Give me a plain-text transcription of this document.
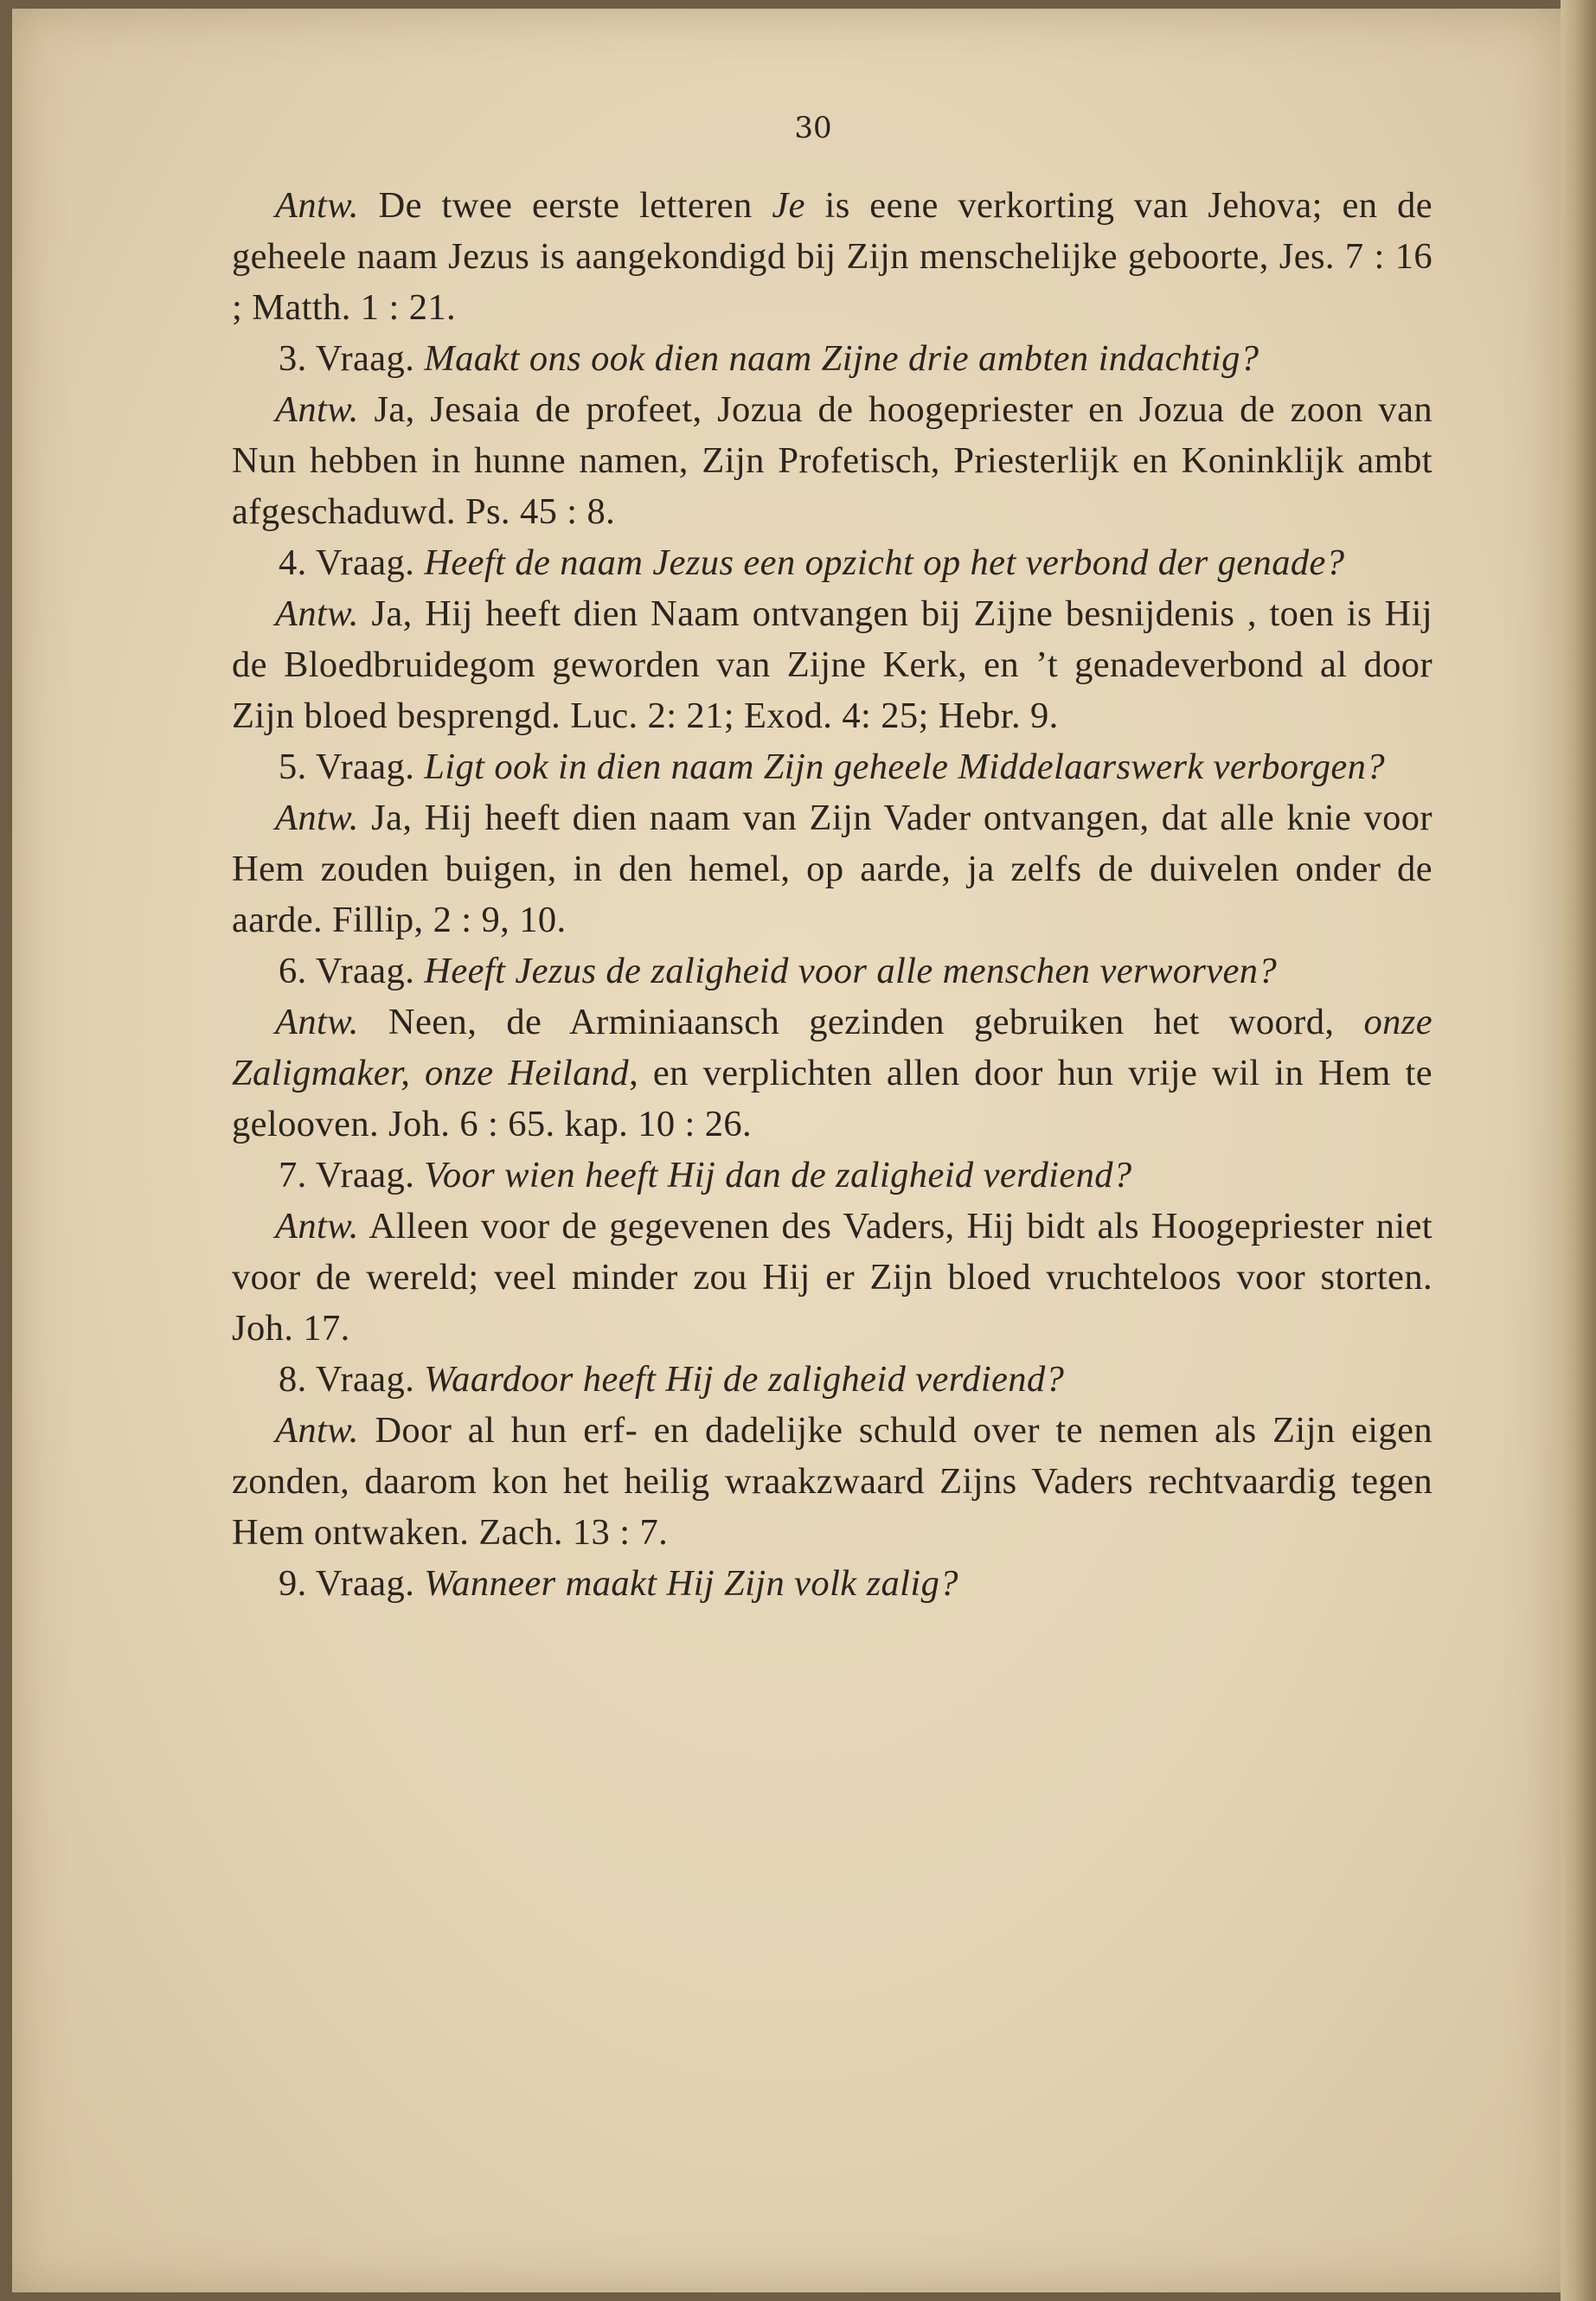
30

Antw. De twee eerste letteren Je is eene verkorting van Jehova; en de geheele naam Jezus is aangekondigd bij Zijn menschelijke geboorte, Jes. 7 : 16 ; Matth. 1 : 21.

3. Vraag. Maakt ons ook dien naam Zijne drie ambten indachtig?

Antw. Ja, Jesaia de profeet, Jozua de hoogepriester en Jozua de zoon van Nun hebben in hunne namen, Zijn Profetisch, Priesterlijk en Koninklijk ambt afgeschaduwd. Ps. 45 : 8.

4. Vraag. Heeft de naam Jezus een opzicht op het verbond der genade?

Antw. Ja, Hij heeft dien Naam ontvangen bij Zijne besnijdenis , toen is Hij de Bloedbruidegom geworden van Zijne Kerk, en ’t genadeverbond al door Zijn bloed besprengd. Luc. 2: 21; Exod. 4: 25; Hebr. 9.

5. Vraag. Ligt ook in dien naam Zijn geheele Middelaarswerk verborgen?

Antw. Ja, Hij heeft dien naam van Zijn Vader ontvangen, dat alle knie voor Hem zouden buigen, in den hemel, op aarde, ja zelfs de duivelen onder de aarde. Fillip, 2 : 9, 10.

6. Vraag. Heeft Jezus de zaligheid voor alle menschen verworven?

Antw. Neen, de Arminiaansch gezinden gebruiken het woord, onze Zaligmaker, onze Heiland, en verplichten allen door hun vrije wil in Hem te gelooven. Joh. 6 : 65. kap. 10 : 26.

7. Vraag. Voor wien heeft Hij dan de zaligheid verdiend?

Antw. Alleen voor de gegevenen des Vaders, Hij bidt als Hoogepriester niet voor de wereld; veel minder zou Hij er Zijn bloed vruchteloos voor storten. Joh. 17.

8. Vraag. Waardoor heeft Hij de zaligheid verdiend?

Antw. Door al hun erf- en dadelijke schuld over te nemen als Zijn eigen zonden, daarom kon het heilig wraakzwaard Zijns Vaders rechtvaardig tegen Hem ontwaken. Zach. 13 : 7.

9. Vraag. Wanneer maakt Hij Zijn volk zalig?
